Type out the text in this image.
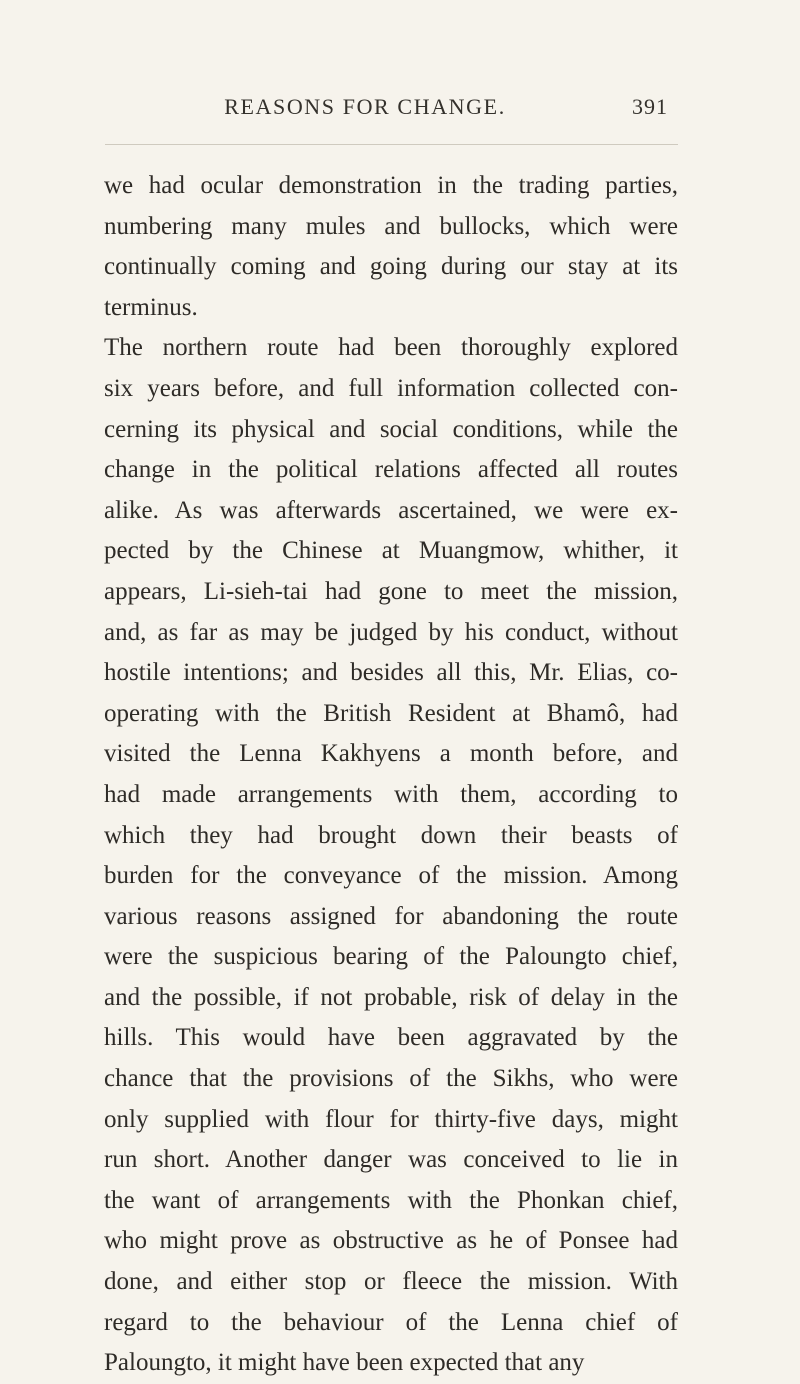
REASONS FOR CHANGE.	391
we had ocular demonstration in the trading parties,
numbering many mules and bullocks, which were
continually coming and going during our stay at its
terminus.
The northern route had been thoroughly explored
six years before, and full information collected con-
cerning its physical and social conditions, while the
change in the political relations affected all routes
alike. As was afterwards ascertained, we were ex-
pected by the Chinese at Muangmow, whither, it
appears, Li-sieh-tai had gone to meet the mission,
and, as far as may be judged by his conduct, without
hostile intentions; and besides all this, Mr. Elias, co-
operating with the British Resident at Bhamô, had
visited the Lenna Kakhyens a month before, and
had made arrangements with them, according to
which they had brought down their beasts of
burden for the conveyance of the mission. Among
various reasons assigned for abandoning the route
were the suspicious bearing of the Paloungto chief,
and the possible, if not probable, risk of delay in the
hills. This would have been aggravated by the
chance that the provisions of the Sikhs, who were
only supplied with flour for thirty-five days, might
run short. Another danger was conceived to lie in
the want of arrangements with the Phonkan chief,
who might prove as obstructive as he of Ponsee had
done, and either stop or fleece the mission. With
regard to the behaviour of the Lenna chief of
Paloungto, it might have been expected that any
